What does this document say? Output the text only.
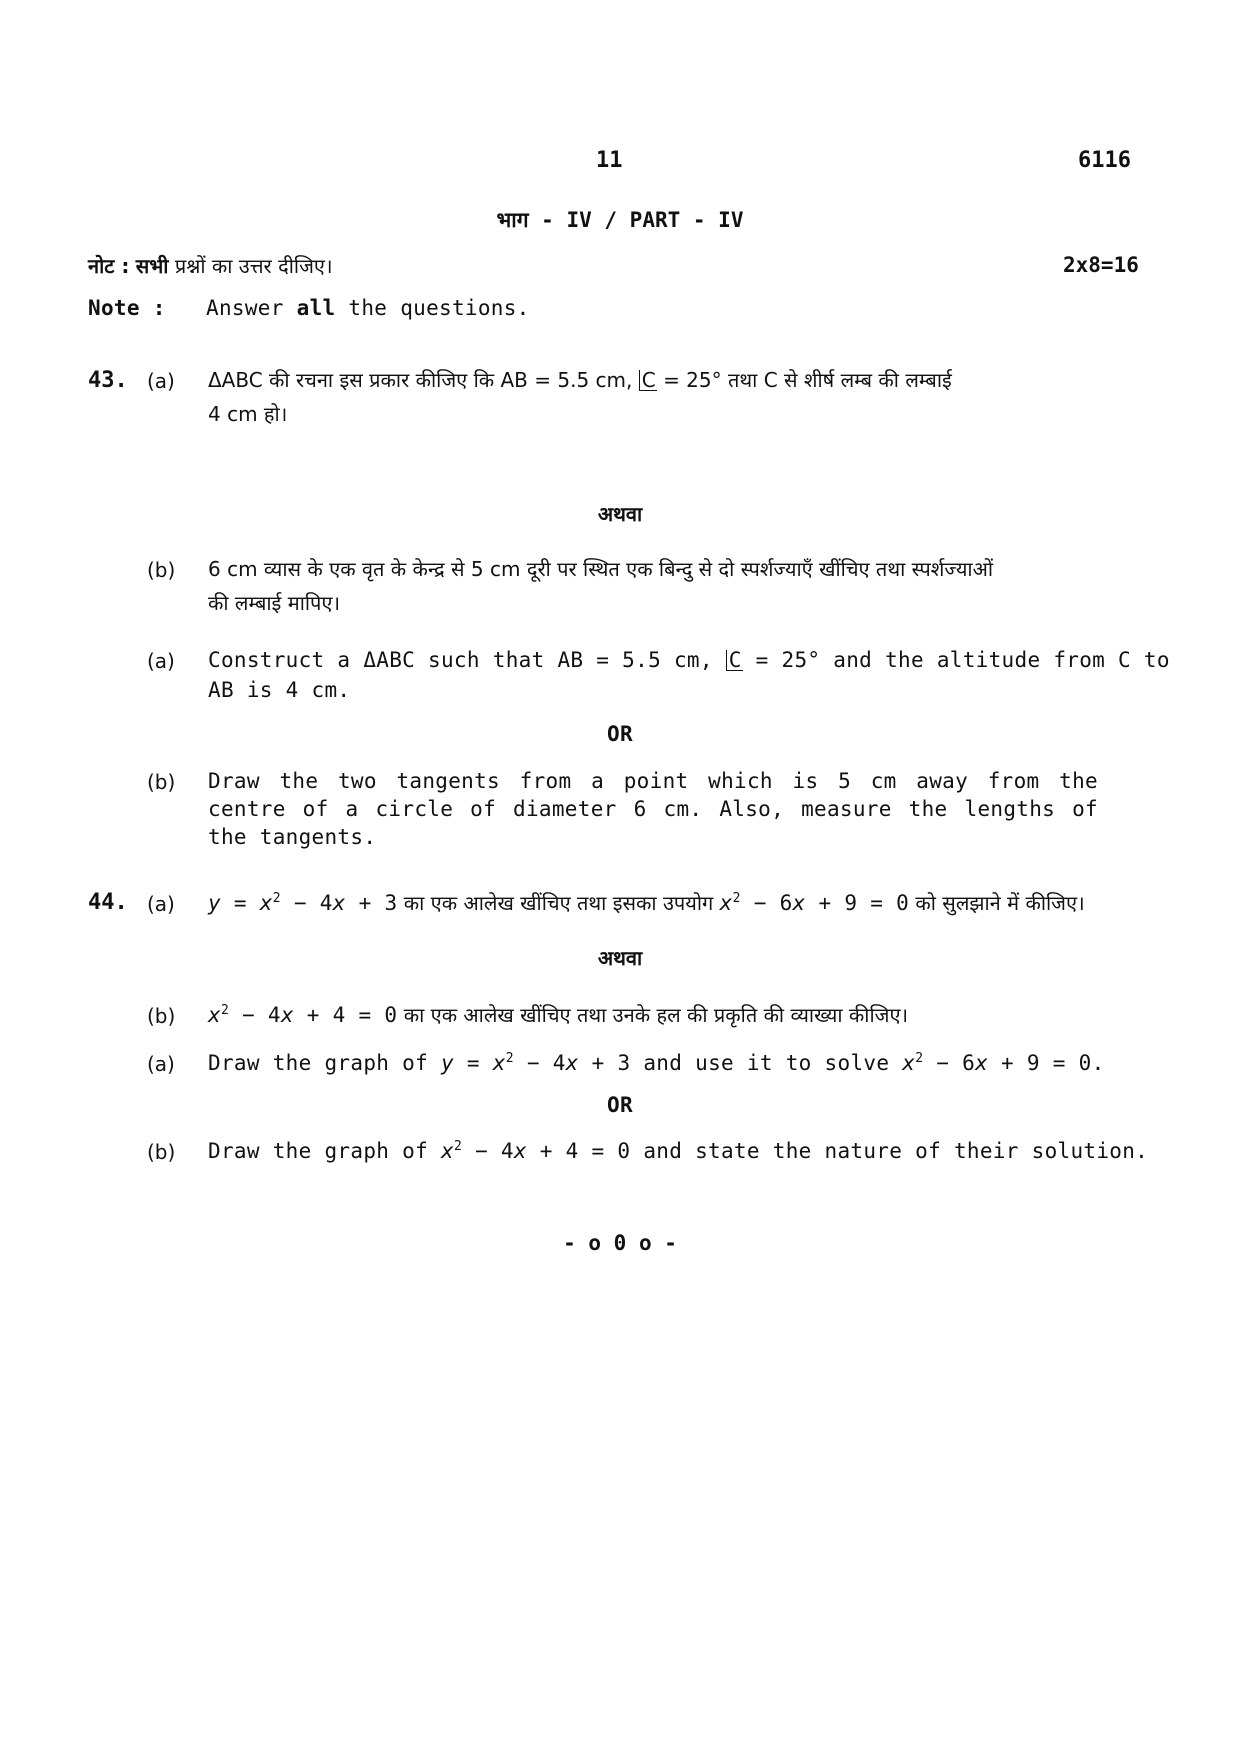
11	6116
भाग - IV / PART - IV
नोट : सभी प्रश्नों का उत्तर दीजिए।	2x8=16
Note : Answer all the questions.
43. (a) ΔABC की रचना इस प्रकार कीजिए कि AB = 5.5 cm, C = 25° तथा C से शीर्ष लम्ब की लम्बाई
4 cm हो।
अथवा
(b) 6 cm व्यास के एक वृत के केन्द्र से 5 cm दूरी पर स्थित एक बिन्दु से दो स्पर्शज्याएँ खींचिए तथा स्पर्शज्याओं
की लम्बाई मापिए।
(a) Construct a ΔABC such that AB = 5.5 cm, C = 25° and the altitude from C to
AB is 4 cm.
OR
(b) Draw the two tangents from a point which is 5 cm away from the centre of a circle of diameter 6 cm. Also, measure the lengths of the tangents.
44. (a) $y = x^2 - 4x + 3$ का एक आलेख खींचिए तथा इसका उपयोग $x^2 - 6x + 9 = 0$ को सुलझाने में कीजिए।
अथवा
(b) $x^2 - 4x + 4 = 0$ का एक आलेख खींचिए तथा उनके हल की प्रकृति की व्याख्या कीजिए।
(a) Draw the graph of $y = x^2 - 4x + 3$ and use it to solve $x^2 - 6x + 9 = 0$.
OR
(b) Draw the graph of $x^2 - 4x + 4 = 0$ and state the nature of their solution.
- o 0 o -
